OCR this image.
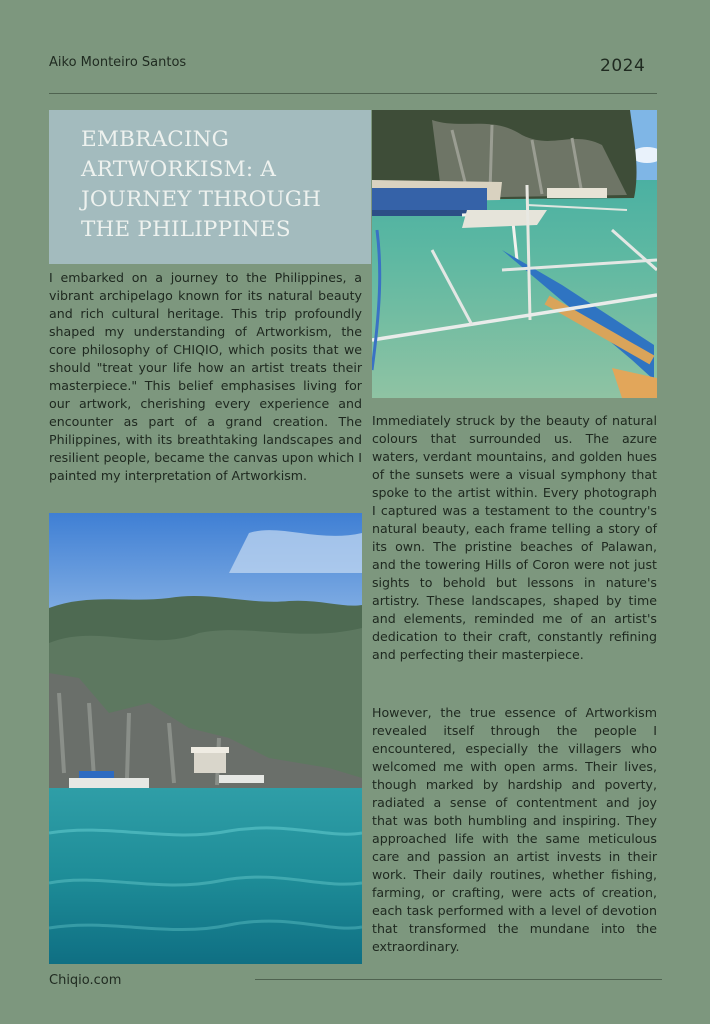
Aiko Monteiro Santos	2024
EMBRACING ARTWORKISM: A JOURNEY THROUGH THE PHILIPPINES

I embarked on a journey to the Philippines, a vibrant archipelago known for its natural beauty and rich cultural heritage. This trip profoundly shaped my understanding of Artworkism, the core philosophy of CHIQIO, which posits that we should "treat your life how an artist treats their masterpiece." This belief emphasises living for our artwork, cherishing every experience and encounter as part of a grand creation. The Philippines, with its breathtaking landscapes and resilient people, became the canvas upon which I painted my interpretation of Artworkism.

Immediately struck by the beauty of natural colours that surrounded us. The azure waters, verdant mountains, and golden hues of the sunsets were a visual symphony that spoke to the artist within. Every photograph I captured was a testament to the country's natural beauty, each frame telling a story of its own. The pristine beaches of Palawan, and the towering Hills of Coron were not just sights to behold but lessons in nature's artistry. These landscapes, shaped by time and elements, reminded me of an artist's dedication to their craft, constantly refining and perfecting their masterpiece.

However, the true essence of Artworkism revealed itself through the people I encountered, especially the villagers who welcomed me with open arms. Their lives, though marked by hardship and poverty, radiated a sense of contentment and joy that was both humbling and inspiring. They approached life with the same meticulous care and passion an artist invests in their work. Their daily routines, whether fishing, farming, or crafting, were acts of creation, each task performed with a level of devotion that transformed the mundane into the extraordinary.

Chiqio.com
